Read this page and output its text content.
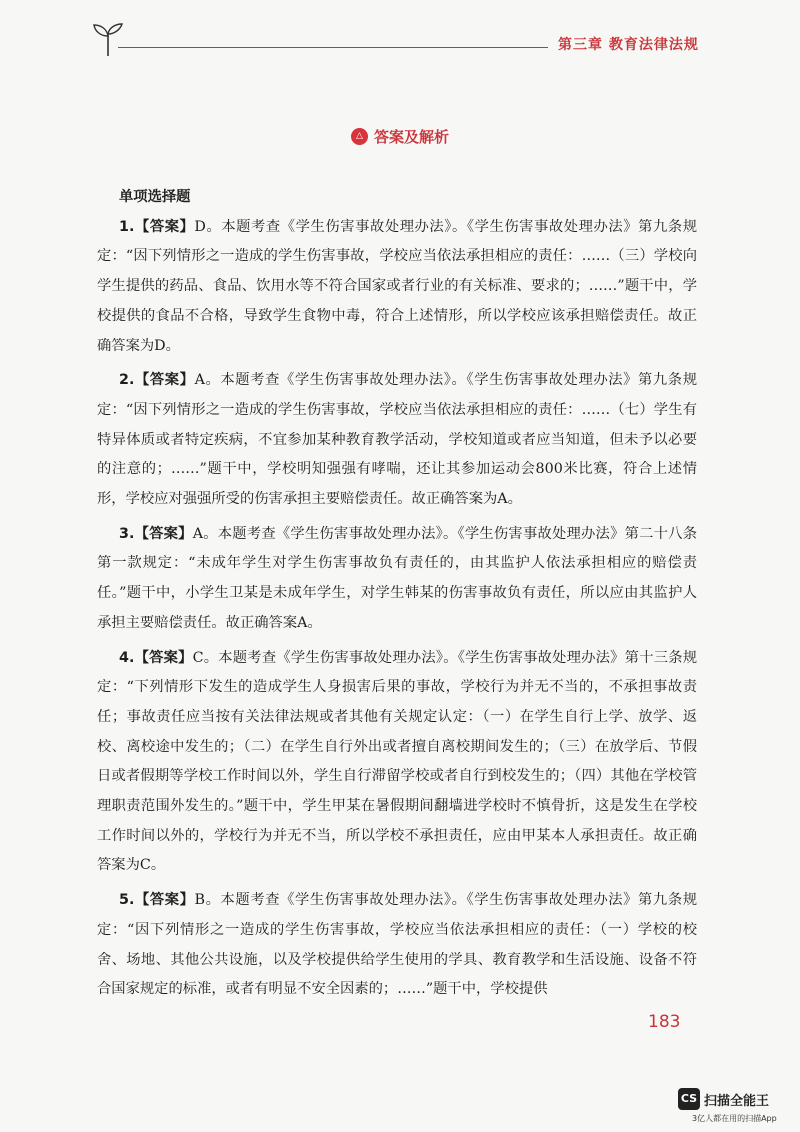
第三章 教育法律法规
△ 答案及解析

单项选择题

1.【答案】D。本题考查《学生伤害事故处理办法》。《学生伤害事故处理办法》第九条规定：“因下列情形之一造成的学生伤害事故，学校应当依法承担相应的责任：……（三）学校向学生提供的药品、食品、饮用水等不符合国家或者行业的有关标准、要求的；……”题干中，学校提供的食品不合格，导致学生食物中毒，符合上述情形，所以学校应该承担赔偿责任。故正确答案为D。

2.【答案】A。本题考查《学生伤害事故处理办法》。《学生伤害事故处理办法》第九条规定：“因下列情形之一造成的学生伤害事故，学校应当依法承担相应的责任：……（七）学生有特异体质或者特定疾病，不宜参加某种教育教学活动，学校知道或者应当知道，但未予以必要的注意的；……”题干中，学校明知强强有哮喘，还让其参加运动会800米比赛，符合上述情形，学校应对强强所受的伤害承担主要赔偿责任。故正确答案为A。

3.【答案】A。本题考查《学生伤害事故处理办法》。《学生伤害事故处理办法》第二十八条第一款规定：“未成年学生对学生伤害事故负有责任的，由其监护人依法承担相应的赔偿责任。”题干中，小学生卫某是未成年学生，对学生韩某的伤害事故负有责任，所以应由其监护人承担主要赔偿责任。故正确答案A。

4.【答案】C。本题考查《学生伤害事故处理办法》。《学生伤害事故处理办法》第十三条规定：“下列情形下发生的造成学生人身损害后果的事故，学校行为并无不当的，不承担事故责任；事故责任应当按有关法律法规或者其他有关规定认定：（一）在学生自行上学、放学、返校、离校途中发生的；（二）在学生自行外出或者擅自离校期间发生的；（三）在放学后、节假日或者假期等学校工作时间以外，学生自行滞留学校或者自行到校发生的；（四）其他在学校管理职责范围外发生的。”题干中，学生甲某在暑假期间翻墙进学校时不慎骨折，这是发生在学校工作时间以外的，学校行为并无不当，所以学校不承担责任，应由甲某本人承担责任。故正确答案为C。

5.【答案】B。本题考查《学生伤害事故处理办法》。《学生伤害事故处理办法》第九条规定：“因下列情形之一造成的学生伤害事故，学校应当依法承担相应的责任：（一）学校的校舍、场地、其他公共设施，以及学校提供给学生使用的学具、教育教学和生活设施、设备不符合国家规定的标准，或者有明显不安全因素的；……”题干中，学校提供

183
CS 扫描全能王
3亿人都在用的扫描App
